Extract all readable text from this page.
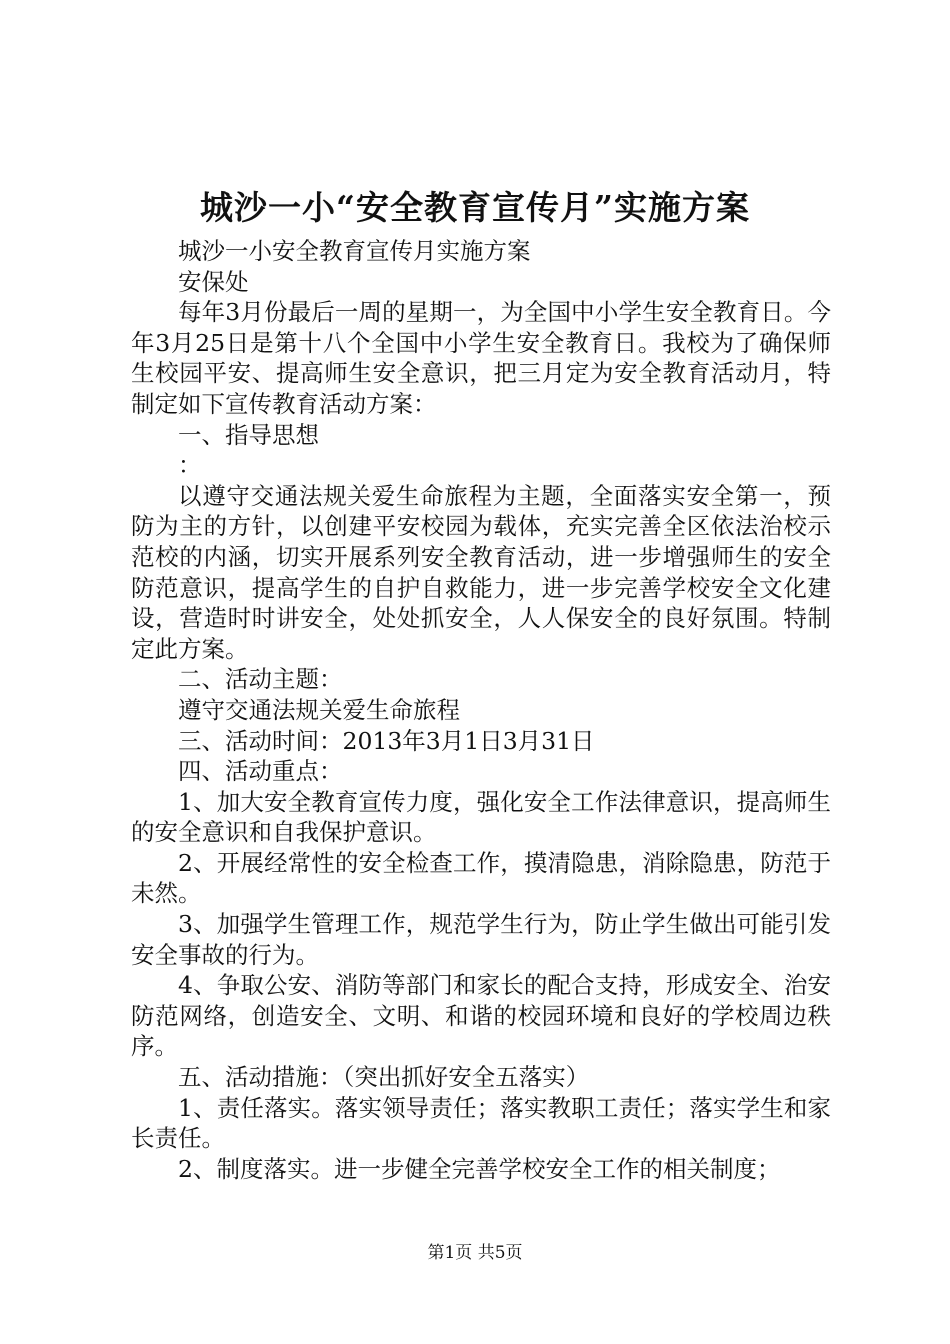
城沙一小“安全教育宣传月”实施方案

城沙一小安全教育宣传月实施方案

安保处

每年3月份最后一周的星期一，为全国中小学生安全教育日。今年3月25日是第十八个全国中小学生安全教育日。我校为了确保师生校园平安、提高师生安全意识，把三月定为安全教育活动月，特制定如下宣传教育活动方案：

一、指导思想

：

以遵守交通法规关爱生命旅程为主题，全面落实安全第一，预防为主的方针，以创建平安校园为载体，充实完善全区依法治校示范校的内涵，切实开展系列安全教育活动，进一步增强师生的安全防范意识，提高学生的自护自救能力，进一步完善学校安全文化建设，营造时时讲安全，处处抓安全，人人保安全的良好氛围。特制定此方案。

二、活动主题：

遵守交通法规关爱生命旅程

三、活动时间：2013年3月1日3月31日

四、活动重点：

1、加大安全教育宣传力度，强化安全工作法律意识，提高师生的安全意识和自我保护意识。

2、开展经常性的安全检查工作，摸清隐患，消除隐患，防范于未然。

3、加强学生管理工作，规范学生行为，防止学生做出可能引发安全事故的行为。

4、争取公安、消防等部门和家长的配合支持，形成安全、治安防范网络，创造安全、文明、和谐的校园环境和良好的学校周边秩序。

五、活动措施：（突出抓好安全五落实）

1、责任落实。落实领导责任；落实教职工责任；落实学生和家长责任。

2、制度落实。进一步健全完善学校安全工作的相关制度；

第1页 共5页
